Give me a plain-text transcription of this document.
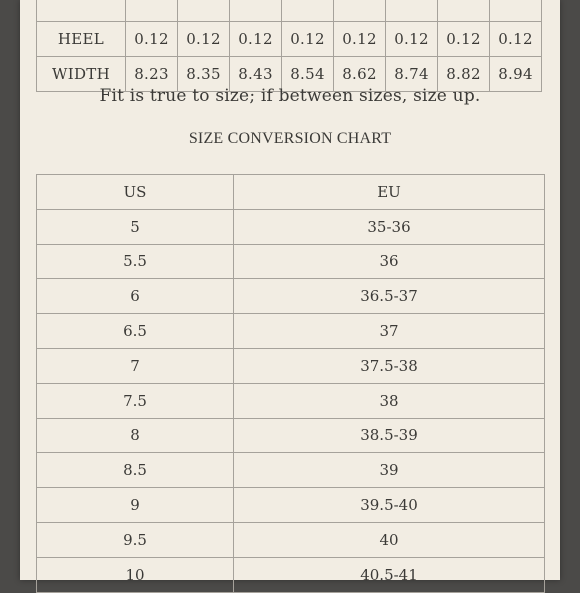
HEEL	0.12	0.12	0.12	0.12	0.12	0.12	0.12	0.12
WIDTH	8.23	8.35	8.43	8.54	8.62	8.74	8.82	8.94
Fit is true to size; if between sizes, size up.
SIZE CONVERSION CHART
US	EU
5	35-36
5.5	36
6	36.5-37
6.5	37
7	37.5-38
7.5	38
8	38.5-39
8.5	39
9	39.5-40
9.5	40
10	40.5-41
